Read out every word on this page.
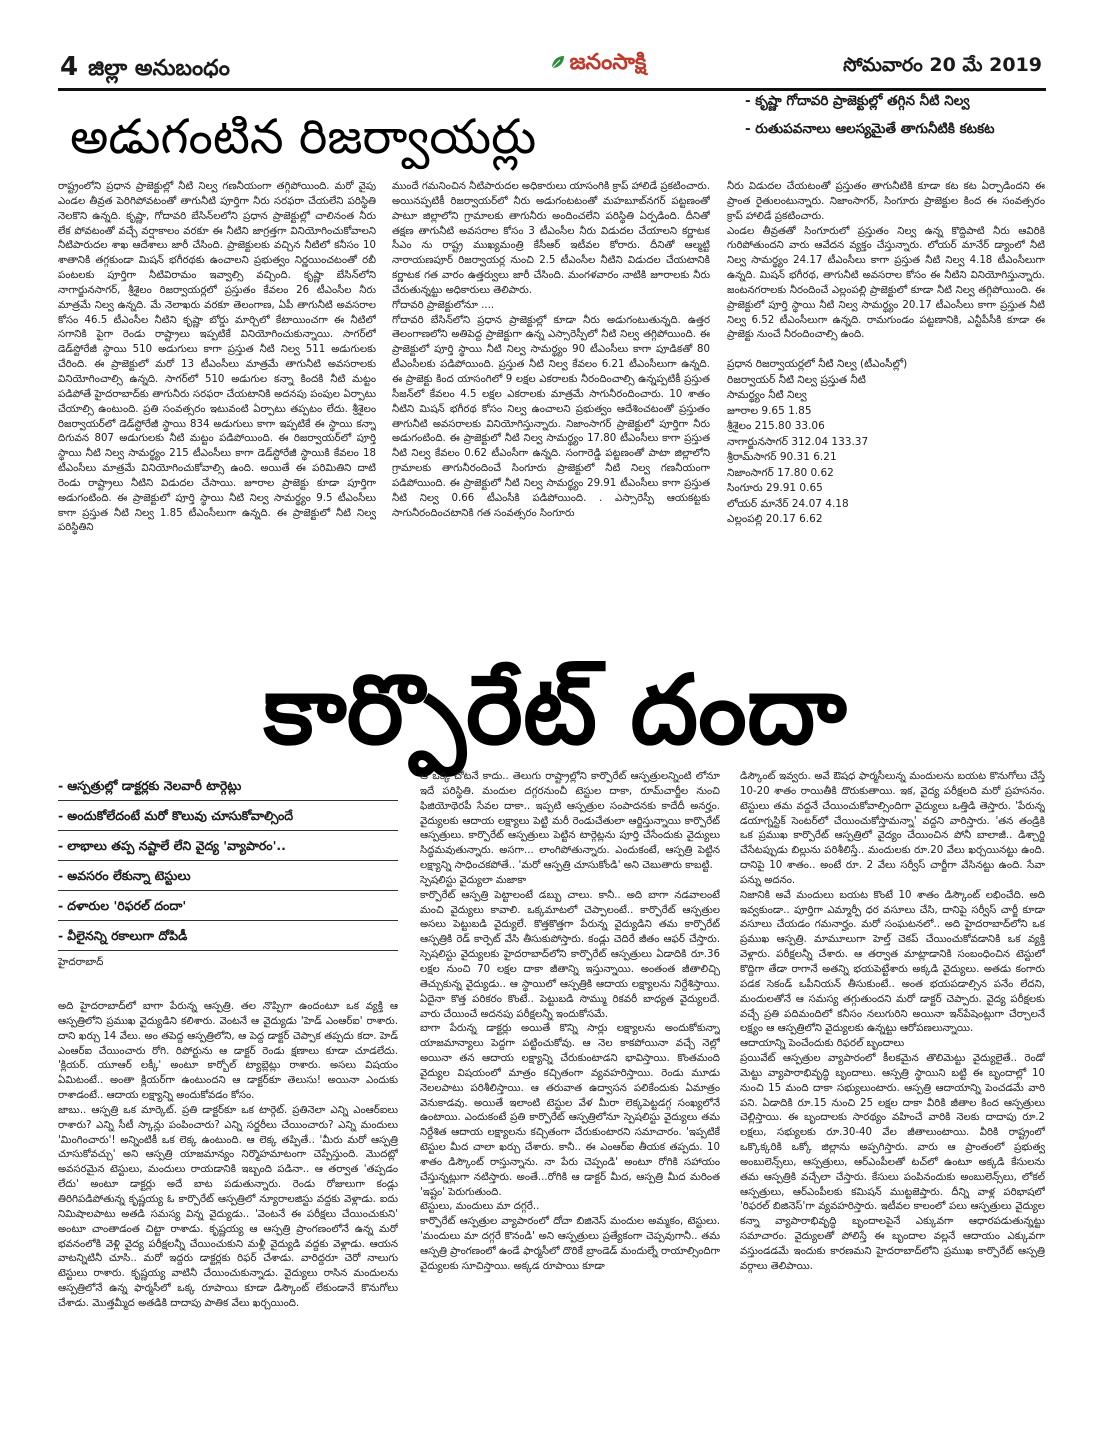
4 జిల్లా అనుబంధం	జనంసాక్షి	సోమవారం 20 మే 2019
అడుగంటిన రిజర్వాయర్లు
- కృష్ణా గోదావరి ప్రాజెక్టుల్లో తగ్గిన నీటి నిల్వ
- రుతుపవనాలు ఆలస్యమైతే తాగునీటికి కటకట

రాష్ట్రంలోని ప్రధాన ప్రాజెక్టుల్లో నీటి నిల్వ గణనీయంగా తగ్గిపోయింది. మరో వైపు ఎండల తీవ్రత పెరిగిపోవటంతో తాగునీటి పూర్తిగా నీరు సరఫరా చేయలేని పరిస్థితి నెలకొని ఉన్నది. కృష్ణా, గోదావరి బేసిన్‌లలోని ప్రధాన ప్రాజెక్టుల్లో చాలినంత నీరు లేక పోవటంతో వచ్చే వర్షాకాలం వరకూ ఈ నీటిని జాగ్రత్తగా వినియోగించుకోవాలని నీటిపారుదల శాఖ ఆదేశాలు జారీ చేసింది. ప్రాజెక్టులకు వచ్చిన నీటిలో కనీసం 10 శాతానికి తగ్గకుండా మిషన్ భగీరథకు ఉంచాలని ప్రభుత్వం నిర్ణయించటంతో రబీ పంటలకు పూర్తిగా నీటివిరామం ఇవ్వాల్సి వచ్చింది. కృష్ణా బేసిన్‌లోని నాగార్జునసాగర్, శ్రీశైలం రిజర్వాయర్లలో ప్రస్తుతం కేవలం 26 టీఎంసీల నీరు మాత్రమే నిల్వ ఉన్నది. మే నెలాఖరు వరకూ తెలంగాణ, ఏపీ తాగునీటి అవసరాల కోసం 46.5 టీఎంసీల నీటిని కృష్ణా బోర్డు మార్చిలో కేటాయించగా ఈ నీటిలో సగానికి పైగా రెండు రాష్ట్రాలు ఇప్పటికే వినియోగించుకున్నాయి. సాగర్‌లో డెడ్‌స్టోరేజీ స్థాయి 510 అడుగులు కాగా ప్రస్తుత నీటి నిల్వ 511 అడుగులకు చేరింది. ఈ ప్రాజెక్టులో మరో 13 టీఎంసీలు మాత్రమే తాగునీటి అవసరాలకు వినియోగించాల్సి ఉన్నది. సాగర్‌లో 510 అడుగుల కన్నా కిందకి నీటి మట్టం పడిపోతే హైదరాబాద్‌కు తాగునీరు సరఫరా చేయటానికి అదనపు పంపుల ఏర్పాటు చేయాల్సి ఉంటుంది. ప్రతి సంవత్సరం ఇటువంటి ఏర్పాటు తప్పటం లేదు. శ్రీశైలం రిజర్వాయర్‌లో డెడ్‌స్టోరేజీ స్థాయి 834 అడుగులు కాగా ఇప్పటికే ఈ స్థాయి కన్నా దిగువన 807 అడుగులకు నీటి మట్టం పడిపోయింది. ఈ రిజర్వాయర్‌లో పూర్తి స్థాయి నీటి నిల్వ సామర్థ్యం 215 టీఎంసీలు కాగా డెడ్‌స్టోరేజీ స్థాయికి కేవలం 18 టీఎంసీలు మాత్రమే వినియోగించుకోవాల్సి ఉంది. అయితే ఈ పరిమితిని దాటి రెండు రాష్ట్రాలు నీటిని విడుదల చేసాయి. జూరాల ప్రాజెక్టు కూడా పూర్తిగా అడుగంటింది. ఈ ప్రాజెక్టులో పూర్తి స్థాయి నీటి నిల్వ సామర్థ్యం 9.5 టీఎంసీలు కాగా ప్రస్తుత నీటి నిల్వ 1.85 టీఎంసీలుగా ఉన్నది. ఈ ప్రాజెక్టులో నీటి నిల్వ పరిస్థితిని

ముందే గమనించిన నీటిపారుదల అధికారులు యాసంగికి క్రాప్ హాలిడే ప్రకటించారు. అయినప్పటికీ రిజర్వాయర్‌లో నీరు అడుగంటటంతో మహబూబ్‌నగర్ పట్టణంతో పాటూ జిల్లాలోని గ్రామాలకు తాగునీరు అందించలేని పరిస్థితి ఏర్పడింది. దీనితో తక్షణ తాగునీటి అవసరాల కోసం 3 టీఎంసీల నీరు విడుదల చేయాలని కర్ణాటక సీఎం ను రాష్ట్ర ముఖ్యమంత్రి కేసీఆర్ ఇటీవల కోరారు. దీనితో ఆల్మట్టి నారాయణపూర్ రిజర్వాయర్ల నుంచి 2.5 టీఎంసీల నీటిని విడుదల చేయటానికి కర్ణాటక గత వారం ఉత్తర్వులు జారీ చేసింది. మంగళవారం నాటికి జూరాలకు నీరు చేరుతున్నట్టు అధికారులు తెలిపారు.
గోదావరి ప్రాజెక్టులోనూ ....
గోదావరి బేసిన్‌లోని ప్రధాన ప్రాజెక్టుల్లో కూడా నీరు అడుగంటుతున్నది. ఉత్తర తెలంగాణలోని అతిపెద్ద ప్రాజెక్టుగా ఉన్న ఎస్సారెస్పీలో నీటి నిల్వ తగ్గిపోయింది. ఈ ప్రాజెక్టులో పూర్తి స్థాయి నీటి నిల్వ సామర్థ్యం 90 టీఎంసీలు కాగా పూడికతో 80 టీఎంసీలకు పడిపోయింది. ప్రస్తుత నీటి నిల్వ కేవలం 6.21 టీఎంసీలుగా ఉన్నది. ఈ ప్రాజెక్టు కింద యాసంగిలో 9 లక్షల ఎకరాలకు నీరందించాల్సి ఉన్నప్పటికీ ప్రస్తుత సీజన్‌లో కేవలం 4.5 లక్షల ఎకరాలకు మాత్రమే సాగునీరందించారు. 10 శాతం నీటిని మిషన్ భగీరథ కోసం నిల్వ ఉంచాలని ప్రభుత్వం ఆదేశించటంతో ప్రస్తుతం తాగునీటి అవసరాలకు వినియోగిస్తున్నారు. నిజాంసాగర్ ప్రాజెక్టులో పూర్తిగా నీరు అడుగంటింది. ఈ ప్రాజెక్టులో నీటి నిల్వ సామర్థ్యం 17.80 టీఎంసీలు కాగా ప్రస్తుత నీటి నిల్వ కేవలం 0.62 టీఎంసీగా ఉన్నది. సంగారెడ్డి పట్టణంతో పాటా జిల్లాలోని గ్రామాలకు తాగునీరందించే సింగూరు ప్రాజెక్టులో నీటి నిల్వ గణనీయంగా పడిపోయింది. ఈ ప్రాజెక్టులో నీటి నిల్వ సామర్థ్యం 29.91 టీఎంసీలు కాగా ప్రస్తుత నీటి నిల్వ 0.66 టీఎంసీకి పడిపోయింది. . ఎస్సారెస్పీ ఆయకట్టకు సాగునీరందించటానికి గత సంవత్సరం సింగూరు

నీరు విడుదల చేయటంతో ప్రస్తుతం తాగునీటికి కూడా కట కట ఏర్పాడిందని ఈ ప్రాంత రైతులంటున్నారు. నిజాంసాగర్, సింగూరు ప్రాజెక్టుల కింద ఈ సంవత్సరం క్రాప్ హాలిడే ప్రకటించారు.
ఎండల తీవ్రతతో సింగూరులో ప్రస్తుతం నిల్వ ఉన్న కొద్దిపాటి నీరు ఆవిరికి గురిపోతుందని వారు ఆవేదన వ్యక్తం చేస్తున్నారు. లోయర్ మానేర్ డ్యాంలో నీటి నిల్వ సామర్థ్యం 24.17 టీఎంసీలు కాగా ప్రస్తుత నీటి నిల్వ 4.18 టీఎంసీలుగా ఉన్నది. మిషన్ భగీరథ, తాగునీటి అవసరాల కోసం ఈ నీటిని వినియోగిస్తున్నారు. జంటనగరాలకు నీరందించే ఎల్లంపల్లి ప్రాజెక్టులో కూడా నీటి నిల్వ తగ్గిపోయింది. ఈ ప్రాజెక్టులో పూర్తి స్థాయి నీటి నిల్వ సామర్థ్యం 20.17 టీఎంసీలు కాగా ప్రస్తుత నీటి నిల్వ 6.52 టీఎంసీలుగా ఉన్నది. రామగుండం పట్టణానికి, ఎన్టీపీసీకి కూడా ఈ ప్రాజెక్టు నుంచే నీరందించాల్సి ఉంది.

ప్రధాన రిజర్వాయర్లలో నీటి నిల్వ (టీఎంసీల్లో)
రిజర్వాయర్ నీటి నిల్వ ప్రస్తుత నీటి
సామర్థ్యం నీటి నిల్వ
జూరాల 9.65 1.85
శ్రీశైలం 215.80 33.06
నాగార్జునసాగర్ 312.04 133.37
శ్రీరామ్‌సాగర్ 90.31 6.21
నిజాంసాగర్ 17.80 0.62
సింగూరు 29.91 0.65
లోయర్ మానేర్ 24.07 4.18
ఎల్లంపల్లి 20.17 6.62
కార్పొరేట్ దందా
- ఆస్పత్రుల్లో డాక్టర్లకు నెలవారీ టార్గెట్లు
- అందుకోలేదంటే మరో కొలువు చూసుకోవాల్సిందే
- లాభాలు తప్ప నష్టాలే లేని వైద్య 'వ్యాపారం'..
- అవసరం లేకున్నా టెస్టులు
- దళారుల 'రిఫరల్ దందా'
- వీలైనన్ని రకాలుగా దోపిడీ
హైదరాబాద్

అది హైదరాబాద్‌లో బాగా పేరున్న ఆస్పత్రి. తల నొప్పిగా ఉందంటూ ఒక వ్యక్తి ఆ ఆస్పత్రిలోని ప్రముఖ వైద్యుడిని కలిశారు. వెంటనే ఆ వైద్యుడు 'హెడ్ ఎంఆర్‌ఐ' రాశారు. దాని ఖర్చు 14 వేలు. అం తపెద్ద ఆస్పత్రిలోని, ఆ పెద్ద డాక్టర్ చెప్పాక తప్పదు కదా. హెడ్ ఎంఆర్‌ఐ చేయించారు రోగి. రిపోర్టును ఆ డాక్టర్ రెండు క్షణాలు కూడా చూడలేదు. 'క్లియర్. యూఆర్ లక్కీ' అంటూ కార్బోల్ ట్యాబ్లెట్లు రాశారు. అసలు విషయం ఏమిటంటే.. అంతా క్లియర్‌గా ఉంటుందని ఆ డాక్టర్‌కూ తెలుసు! అయినా ఎందుకు రాశాడంటే.. ఆదాయ లక్ష్యాన్ని అందుకోవడం కోసం.
జాబు.. ఆస్పత్రి ఒక మార్కెట్. ప్రతి డాక్టర్‌కూ ఒక టార్గెట్. ప్రతినెలా ఎన్ని ఎంఆర్‌ఐలు రాశారు? ఎన్ని సీటీ స్కాన్లు పంపించారు? ఎన్ని సర్జరీలు చేయించారు? ఎన్ని మందులు 'మింగించారు'! అన్నింటికీ ఒక లెక్క ఉంటుంది. ఆ లెక్క తప్పితే.. 'మీరు మరో ఆస్పత్రి చూసుకోవచ్చు' అని ఆస్పత్రి యాజమాన్యం నిర్మొహమాటంగా చెప్పేస్తుంది. మొదట్లో అవసరమైన టెస్టులు, మందులు రాయడానికి ఇబ్బంది పడినా.. ఆ తర్వాత 'తప్పడం లేదు' అంటూ డాక్టర్లు అదే బాట పడుతున్నారు. రెండు రోజులుగా కండ్లు తిరిగిపడిపోతున్న కృష్ణయ్య ఓ కార్పొరేట్ ఆస్పత్రిలో న్యూరాలజిస్టు వద్దకు వెళ్లాడు. ఐదు నిమిషాలపాటు అతడి సమస్య విన్న వైద్యుడు.. 'వెంటనే ఈ పరీక్షలు చేయించుకుని' అంటూ చాంతాడంత చిట్టా రాశాడు. కృష్ణయ్య ఆ ఆస్పత్రి ప్రాంగణంలోనే ఉన్న మరో భవనంలోకి వెళ్లి వైద్య పరీక్షలన్నీ చేయించుకుని మళ్లీ వైద్యుడి వద్దకు వెళ్లాడు. ఆయన వాటన్నిటినీ చూసి.. మరో ఇద్దరు డాక్టర్లకు రిఫర్ చేశాడు. వారిద్దరూ చెరో నాలుగు టెస్టులు రాశారు. కృష్ణయ్య వాటినీ చేయించుకున్నాడు. వైద్యులు రాసిన మందులను ఆస్పత్రిలోనే ఉన్న ఫార్మసీలో ఒక్క రూపాయి కూడా డిస్కౌంట్ లేకుండానే కొనుగోలు చేశాడు. మొత్తమ్మీద అతడికి దాదాపు పాతిక వేలు ఖర్చయింది.

ఆ ఒక్క చోటనే కాదు.. తెలుగు రాష్ట్రాల్లోని కార్పొరేట్ ఆస్పత్రులన్నింటి లోనూ ఇదే పరిస్థితి. మందుల దగ్గరనుంచీ టెస్టుల దాకా, రూమ్‌చార్జీల నుంచి ఫిజియోథెరపీ సేవల దాకా.. ఇప్పటి ఆస్పత్రుల సంపాదనకు కాదేదీ అనర్హం. వైద్యులకు ఆదాయ లక్ష్యాలు పెట్టి మరీ రెండుచేతులా ఆర్జిస్తున్నాయి కార్పొరేట్ ఆస్పత్రులు. కార్పొరేట్ ఆస్పత్రులు పెట్టిన టార్గెట్లను పూర్తి చేసేందుకు వైద్యులు సిద్ధమవుతున్నారు. అసగా... లాంగిపోతున్నారు. ఎందుకంటే, ఆస్పత్రి పెట్టిన లక్ష్యాన్ని సాధించకపోతే.. 'మరో ఆస్పత్రి చూసుకోండి' అని చెబుతారు కాబట్టి.
స్పెషలిస్టు వైద్యులా మజాకా
కార్పొరేట్ ఆస్పత్రి పెట్టాలంటే డబ్బు చాలు. కానీ.. అది బాగా నడవాలంటే మంచి వైద్యులు కావాలి. ఒక్కమాటలో చెప్పాలంటే.. కార్పొరేట్ ఆస్పత్రుల అసలు పెట్టుబడి వైద్యులే. కొత్తకొత్తగా పేరున్న వైద్యుడిని తమ కార్పొరేట్ ఆస్పత్రికి రెడ్ కార్పెట్ వేసి తీసుకుపోస్తారు. కండ్లు చెదిరే జీతం ఆఫర్ చేస్తారు. స్పెషలిస్టు వైద్యులకు హైదరాబాద్‌లోని కార్పొరేట్ ఆస్పత్రులు ఏడాదికి రూ.36 లక్షల నుంచి 70 లక్షల దాకా జీతాన్ని ఇస్తున్నాయి. అంతంత జీతాలిచ్చి తెచ్చుకున్న వైద్యుడు.. ఆ స్థాయిలో ఆస్పత్రికి ఆదాయ లక్ష్యాలను నిర్దేశిస్తాయి. ఏదైనా కొత్త పరికరం కొంటే.. పెట్టుబడి సొమ్ము రికవరీ బాధ్యత వైద్యులదే. వారు చేయించే అదనపు పరీక్షలన్నీ ఇందుకోసమే.
బాగా పేరున్న డాక్టర్లు అయితే కొన్ని సార్లు లక్ష్యాలను అందుకోకున్నా యాజమాన్యాలు పెద్దగా పట్టించుకోవు. ఆ నెల కాకపోయినా వచ్చే నెల్లో అయినా తన ఆదాయ లక్ష్యాన్ని చేరుకుంటాడని భావిస్తాయి. కొంతమంది వైద్యుల విషయంలో మాత్రం కచ్చితంగా వ్యవహరిస్తాయి. రెండు మూడు నెలలపాటు పరిశీలిస్తాయి. ఆ తరువాత ఉద్వాసన పలికేందుకు ఏమాత్రం వెనుకాడవు. అయితే ఇలాంటి టెస్టుల వేళ మీరా లెక్కపెట్టడగ్గ సంఖ్యలోనే ఉంటాయి. ఎందుకంటే ప్రతి కార్పొరేట్ ఆస్పత్రిలోనూ స్పెషలిస్టు వైద్యులు తమ నిర్దేశిత ఆదాయ లక్ష్యాలను కచ్చితంగా చేరుకుంటారని సమాచారం. 'ఇప్పటికే టెస్టుల మీద చాలా ఖర్చు చేశారు. కానీ.. ఈ ఎంఆర్‌ఐ తీయక తప్పదు. 10 శాతం డిస్కౌంట్ రాస్తున్నాను. నా పేరు చెప్పండి' అంటూ రోగికి సహాయం చేస్తున్నట్లుగా నటిస్తారు. అంతే...రోగికి ఆ డాక్టర్ మీద, ఆస్పత్రి మీద మరింత 'ఇష్టం' పెరుగుతుంది.
టెస్టులు, మందులు మా దగ్గరే..
కార్పొరేట్ ఆస్పత్రుల వ్యాపారంలో దోచా బిజినెస్ మందుల అమ్మకం, టెస్టులు. 'మందులు మా దగ్గరే కొనండి' అని ఆస్పత్రులు ప్రత్యేకంగా చెప్పవుగానీ.. తమ ఆస్పత్రి ప్రాంగణంలో ఉండే ఫార్మసీలో దొరికే బ్రాండెడ్ మందుల్నే రాయాల్సిందిగా వైద్యులకు సూచిస్తాయి. అక్కడ రూపాయి కూడా

డిస్కౌంట్ ఇవ్వరు. అవే ఔషధ ఫార్మసీలున్న మందులను బయట కొనుగోలు చేస్తే 10-20 శాతం రాయితీకి దొరుకుతాయి. ఇక, వైద్య పరీక్షలది మరో ప్రహసనం. టెస్టులు తమ వద్దనే చేయించుకోవాల్సిందిగా వైద్యులు ఒత్తిడి తెస్తారు. 'పేరున్న డయాగ్నస్టిక్ సెంటర్‌లో చేయించుకోస్తామన్నా' వద్దని వారిస్తారు. 'తన తండ్రికి ఒక ప్రముఖ కార్పొరేట్ ఆస్పత్రిలో వైద్యం చేయించిన పోనీ బాలాజీ.. డిశ్చార్జి చేసేటప్పుడు బిల్లును పరిశీలిస్తే.. మందులకు రూ.20 వేలు ఖర్చయినట్టు ఉంది. దానిపై 10 శాతం.. అంటే రూ. 2 వేలు సర్వీస్ చార్జీగా వేసినట్టు ఉంది. సేవా పన్ను అదనం.
నిజానికి అవే మందులు బయట కొంటే 10 శాతం డిస్కౌంట్ లభించేది. అది ఇవ్వకుండా.. పూర్తిగా ఎమ్మార్పీ ధర వసూలు చేసి, దానిపై సర్వీస్ చార్జీ కూడా వసూలు చేయడం గమనార్హం. మరో సంఘటనలో.. అది హైదరాబాద్‌లోని ఒక ప్రముఖ ఆస్పత్రి. మామూలుగా హెల్త్ చెకప్ చేయించుకోవడానికి ఒక వ్యక్తి వెళ్లారు. పరీక్షలన్నీ చేశారు. ఆ తర్వాత మాట్లాడానికి సంబంధించిన టెస్టులో కొద్దిగా తేడా రాగానే అతన్ని భయపెట్టేశారు అక్కడి వైద్యులు. అతడు కంగారు పడక సెకండ్ ఒపీనియన్ తీసుకుంటే.. అంత భయపడాల్సిన పనేం లేదని, మందులతోనే ఆ సమస్య తగ్గుతుందని మరో డాక్టర్ చెప్పారు. వైద్య పరీక్షలకు వచ్చే ప్రతి పదిమందిలో కనీసం నలుగురిని అయినా ఇన్‌పేషెంట్లుగా చేర్చాలనే లక్ష్యం ఆ ఆస్పత్రిలోని వైద్యులకు ఉన్నట్టు ఆరోపణలున్నాయి.
ఆదాయాన్ని పెంచేందుకు రిఫరల్ బృందాలు
ప్రయివేట్ ఆస్పత్రుల వ్యాపారంలో కీలకమైన తొలిమెట్టు వైద్యులైతే.. రెండో మెట్టు వ్యాపారాభివృద్ధి బృందాలు. ఆస్పత్రి స్థాయిని బట్టి ఈ బృందాల్లో 10 నుంచి 15 మంది దాకా సభ్యులుంటారు. ఆస్పత్రి ఆదాయాన్ని పెంచడమే వారి పని. ఏడాదికి రూ.15 నుంచి 25 లక్షల దాకా వీరికి జీతాల కింద ఆస్పత్రులు చెల్లిస్తాయి. ఈ బృందాలకు సారథ్యం వహించే వారికి నెలకు దాదాపు రూ.2 లక్షలు, సభ్యులకు రూ.30-40 వేల జీతాలుంటాయి. వీరికి రాష్ట్రంలో ఒక్కొక్కరికి ఒక్కో జిల్లాను అప్పగిస్తారు. వారు ఆ ప్రాంతంలో ప్రభుత్వ అంబులెన్స్‌లు, ఆస్పత్రులు, ఆర్‌ఎంపీలతో టచ్‌లో ఉంటూ అక్కడి కేసులను తమ ఆస్పత్రికి వచ్చేలా చేస్తారు. కేసులు పంపినందుకు అంబులెన్స్‌లు, లోకల్ ఆస్పత్రులు, ఆర్‌ఎంపీలకు కమిషన్ ముట్టజెప్తారు. దీన్ని వాళ్ల పరిభాషలో 'రిఫరల్ బిజినెస్'గా వ్యవహరిస్తారు. ఇటీవల కాలంలో పలు ఆస్పత్రులు వైద్యుల కన్నా వ్యాపారాభివృద్ధి బృందాలపైనే ఎక్కువగా ఆధారపడుతున్నట్టు సమాచారం. వైద్యులతో పోలిస్తే ఈ బృందాల వల్లనే ఆదాయం ఎక్కువగా వస్తుండడమే ఇందుకు కారణమని హైదరాబాద్‌లోని ప్రముఖ కార్పొరేట్ ఆస్పత్రి వర్గాలు తెలిపాయి.
